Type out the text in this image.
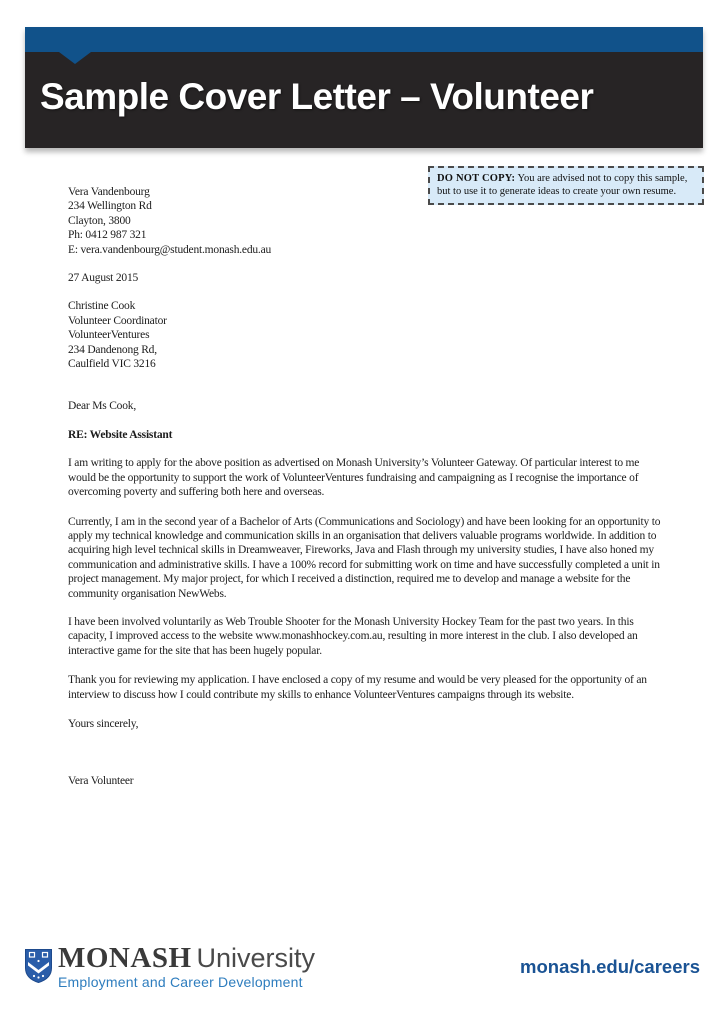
Sample Cover Letter – Volunteer
DO NOT COPY: You are advised not to copy this sample, but to use it to generate ideas to create your own resume.

Vera Vandenbourg

234 Wellington Rd

Clayton, 3800

Ph: 0412 987 321

E: vera.vandenbourg@student.monash.edu.au

27 August 2015

Christine Cook

Volunteer Coordinator

VolunteerVentures

234 Dandenong Rd,

Caulfield VIC 3216

Dear Ms Cook,

RE: Website Assistant

I am writing to apply for the above position as advertised on Monash University’s Volunteer Gateway. Of particular interest to me would be the opportunity to support the work of VolunteerVentures fundraising and campaigning as I recognise the importance of overcoming poverty and suffering both here and overseas.

Currently, I am in the second year of a Bachelor of Arts (Communications and Sociology) and have been looking for an opportunity to apply my technical knowledge and communication skills in an organisation that delivers valuable programs worldwide. In addition to acquiring high level technical skills in Dreamweaver, Fireworks, Java and Flash through my university studies, I have also honed my communication and administrative skills. I have a 100% record for submitting work on time and have successfully completed a unit in project management. My major project, for which I received a distinction, required me to develop and manage a website for the community organisation NewWebs.

I have been involved voluntarily as Web Trouble Shooter for the Monash University Hockey Team for the past two years. In this capacity, I improved access to the website www.monashhockey.com.au, resulting in more interest in the club. I also developed an interactive game for the site that has been hugely popular.

Thank you for reviewing my application. I have enclosed a copy of my resume and would be very pleased for the opportunity of an interview to discuss how I could contribute my skills to enhance VolunteerVentures campaigns through its website.

Yours sincerely,

Vera Volunteer

MONASH University
Employment and Career Development
monash.edu/careers
